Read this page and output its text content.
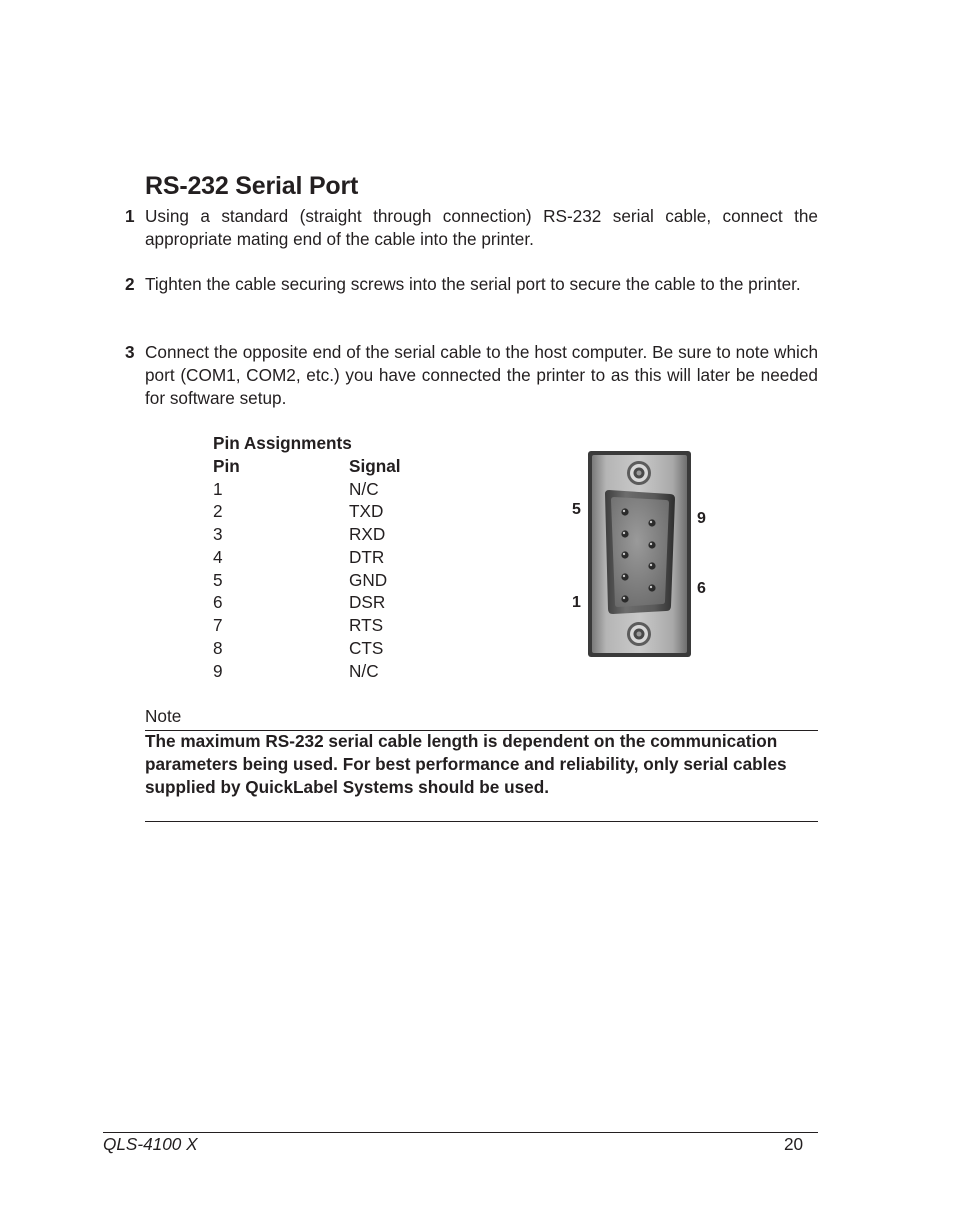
RS-232 Serial Port
1 Using a standard (straight through connection) RS-232 serial cable, connect the appropriate mating end of the cable into the printer.
2 Tighten the cable securing screws into the serial port to secure the cable to the printer.
3 Connect the opposite end of the serial cable to the host computer. Be sure to note which port (COM1, COM2, etc.) you have connected the printer to as this will later be needed for software setup.
Pin Assignments
Pin	Signal
1	N/C
2	TXD
3	RXD
4	DTR
5	GND
6	DSR
7	RTS
8	CTS
9	N/C
5
1
9
6
Note
The maximum RS-232 serial cable length is dependent on the communication parameters being used. For best performance and reliability, only serial cables supplied by QuickLabel Systems should be used.
QLS-4100 X	20
